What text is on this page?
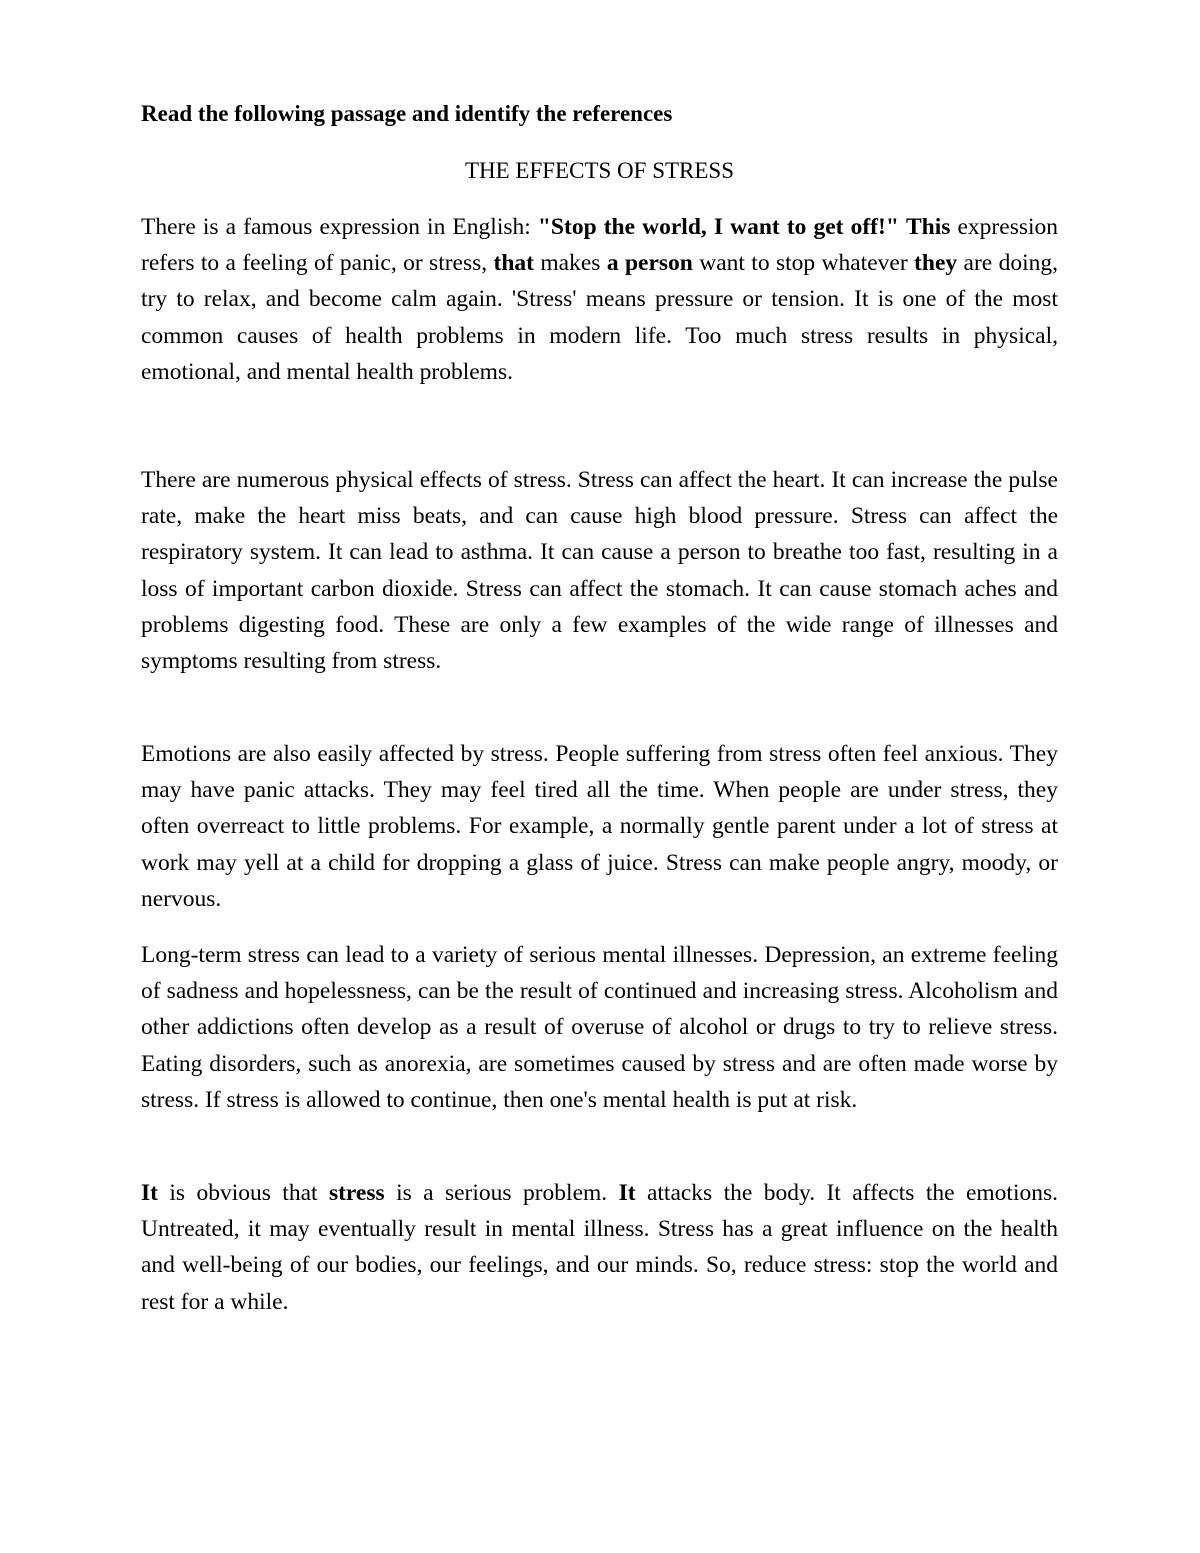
Read the following passage and identify the references
THE EFFECTS OF STRESS

There is a famous expression in English: "Stop the world, I want to get off!" This expression refers to a feeling of panic, or stress, that makes a person want to stop whatever they are doing, try to relax, and become calm again. 'Stress' means pressure or tension. It is one of the most common causes of health problems in modern life. Too much stress results in physical, emotional, and mental health problems.

There are numerous physical effects of stress. Stress can affect the heart. It can increase the pulse rate, make the heart miss beats, and can cause high blood pressure. Stress can affect the respiratory system. It can lead to asthma. It can cause a person to breathe too fast, resulting in a loss of important carbon dioxide. Stress can affect the stomach. It can cause stomach aches and problems digesting food. These are only a few examples of the wide range of illnesses and symptoms resulting from stress.

Emotions are also easily affected by stress. People suffering from stress often feel anxious. They may have panic attacks. They may feel tired all the time. When people are under stress, they often overreact to little problems. For example, a normally gentle parent under a lot of stress at work may yell at a child for dropping a glass of juice. Stress can make people angry, moody, or nervous.

Long-term stress can lead to a variety of serious mental illnesses. Depression, an extreme feeling of sadness and hopelessness, can be the result of continued and increasing stress. Alcoholism and other addictions often develop as a result of overuse of alcohol or drugs to try to relieve stress. Eating disorders, such as anorexia, are sometimes caused by stress and are often made worse by stress. If stress is allowed to continue, then one's mental health is put at risk.

It is obvious that stress is a serious problem. It attacks the body. It affects the emotions. Untreated, it may eventually result in mental illness. Stress has a great influence on the health and well-being of our bodies, our feelings, and our minds. So, reduce stress: stop the world and rest for a while.
